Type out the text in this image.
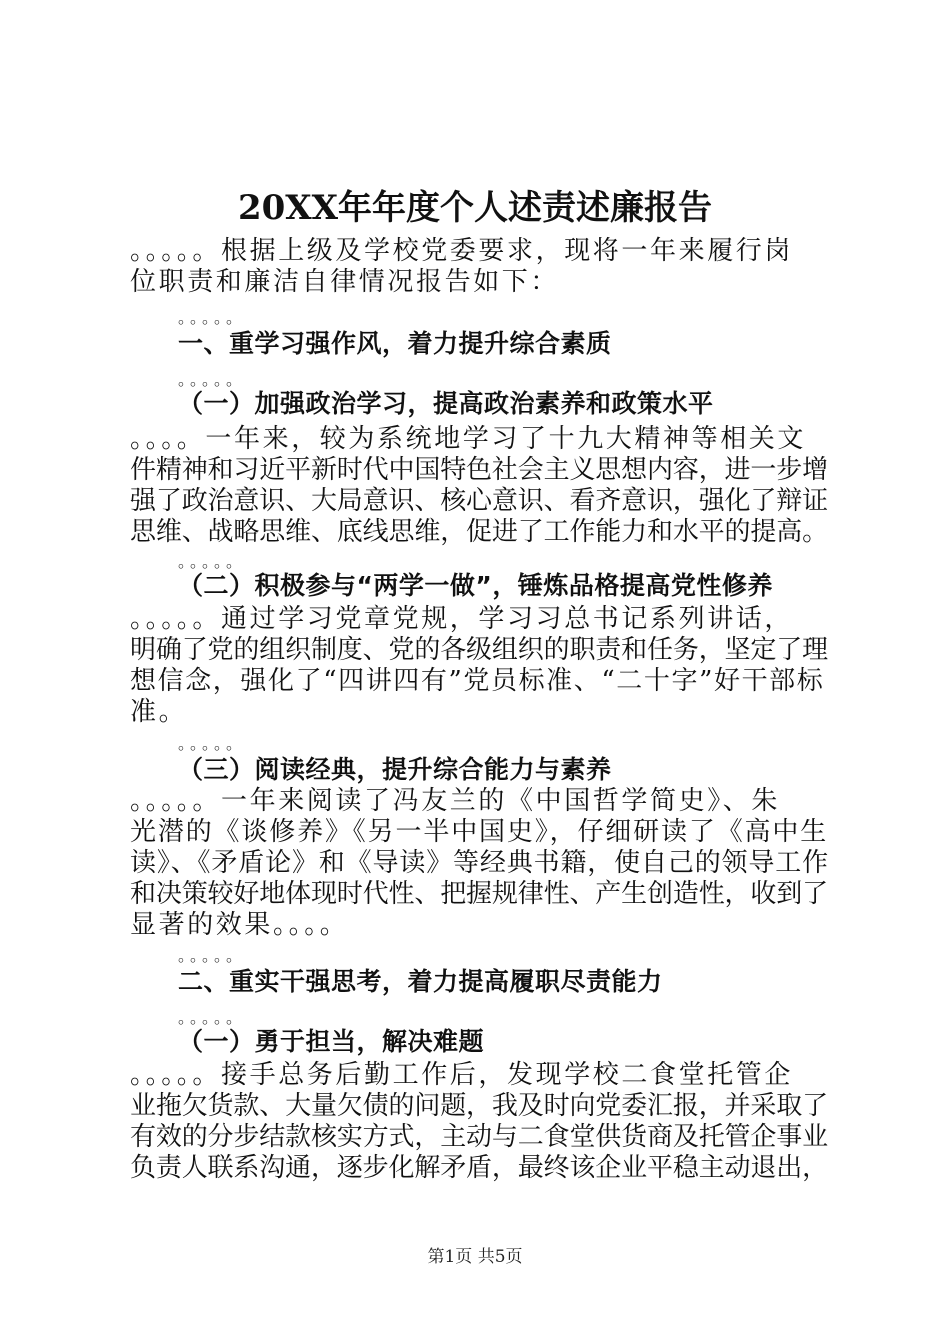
20XX年年度个人述责述廉报告
。。。。。根据上级及学校党委要求，现将一年来履行岗
位职责和廉洁自律情况报告如下：
。。。。。
一、重学习强作风，着力提升综合素质
。。。。。
（一）加强政治学习，提高政治素养和政策水平
。。。。一年来，较为系统地学习了十九大精神等相关文
件精神和习近平新时代中国特色社会主义思想内容，进一步增
强了政治意识、大局意识、核心意识、看齐意识，强化了辩证
思维、战略思维、底线思维，促进了工作能力和水平的提高。
。。。。。
（二）积极参与“两学一做”，锤炼品格提高党性修养
。。。。。通过学习党章党规，学习习总书记系列讲话，
明确了党的组织制度、党的各级组织的职责和任务，坚定了理
想信念，强化了“四讲四有”党员标准、“二十字”好干部标
准。
。。。。。
（三）阅读经典，提升综合能力与素养
。。。。。一年来阅读了冯友兰的《中国哲学简史》、朱
光潜的《谈修养》《另一半中国史》，仔细研读了《高中生
读》、《矛盾论》和《导读》等经典书籍，使自己的领导工作
和决策较好地体现时代性、把握规律性、产生创造性，收到了
显著的效果。。。。
。。。。。
二、重实干强思考，着力提高履职尽责能力
。。。。。
（一）勇于担当，解决难题
。。。。。接手总务后勤工作后，发现学校二食堂托管企
业拖欠货款、大量欠债的问题，我及时向党委汇报，并采取了
有效的分步结款核实方式，主动与二食堂供货商及托管企事业
负责人联系沟通，逐步化解矛盾，最终该企业平稳主动退出，
第1页 共5页
